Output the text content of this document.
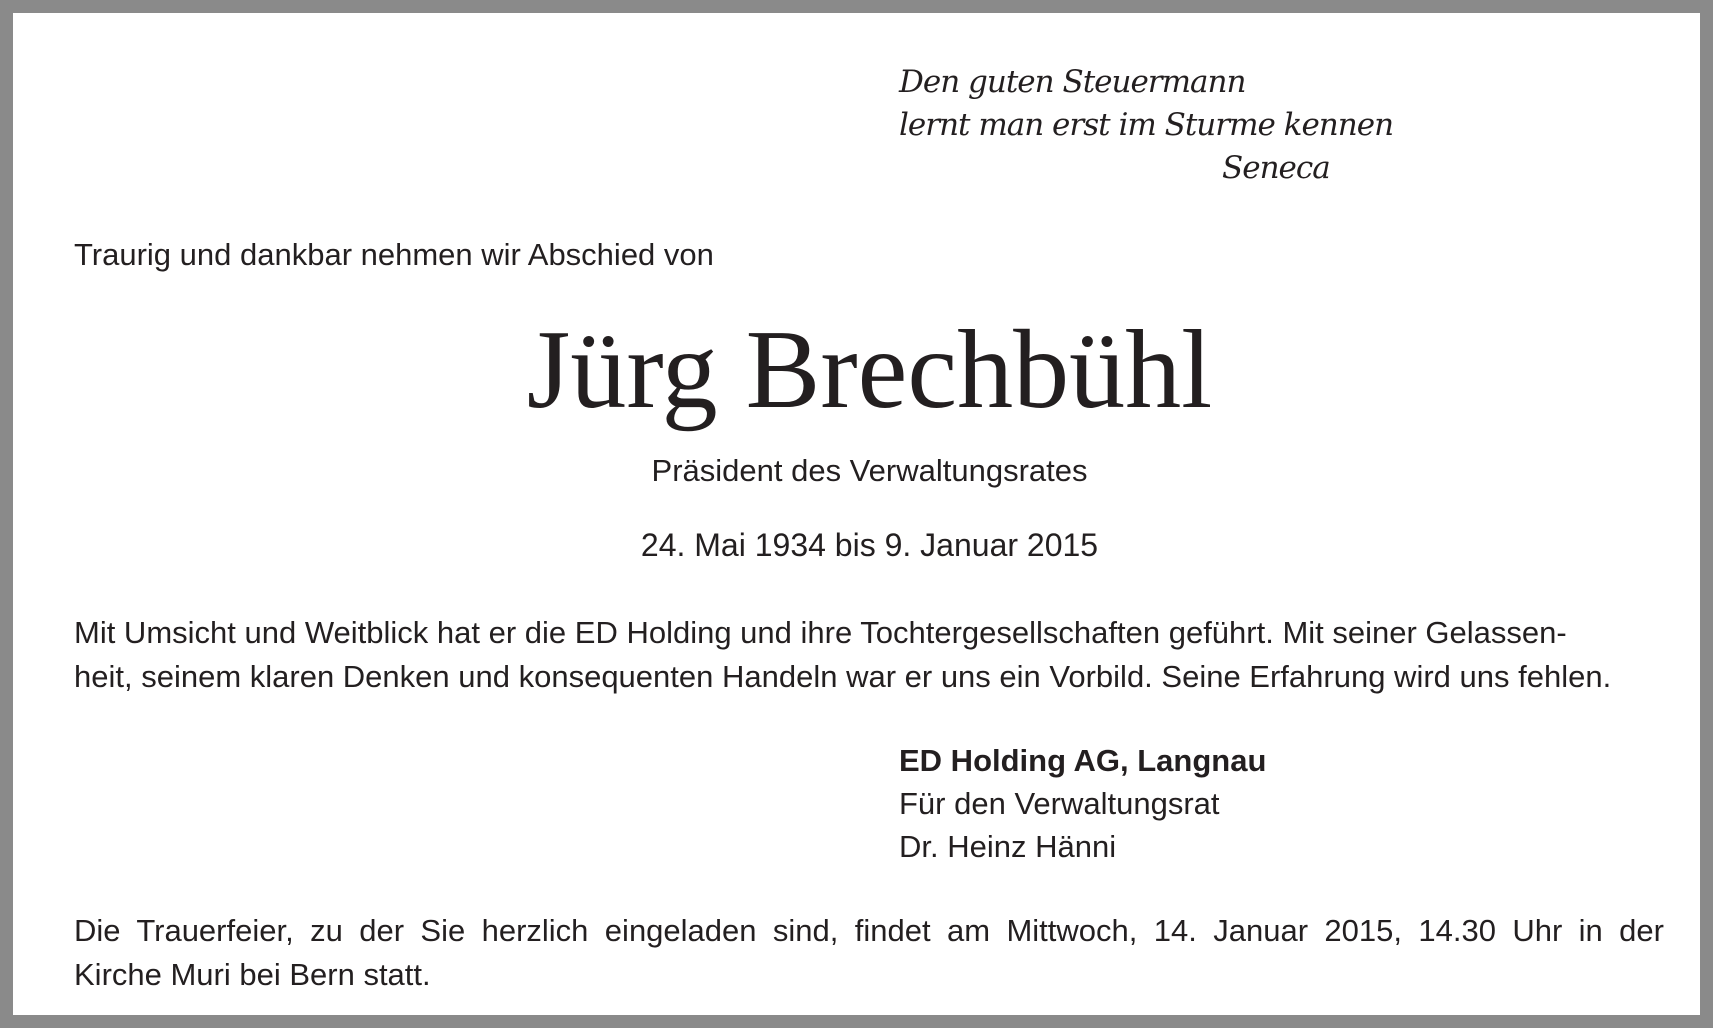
Den guten Steuermann
lernt man erst im Sturme kennen
Seneca
Traurig und dankbar nehmen wir Abschied von
Jürg Brechbühl
Präsident des Verwaltungsrates
24. Mai 1934 bis 9. Januar 2015
Mit Umsicht und Weitblick hat er die ED Holding und ihre Tochtergesellschaften geführt. Mit seiner Gelassen-
heit, seinem klaren Denken und konsequenten Handeln war er uns ein Vorbild. Seine Erfahrung wird uns fehlen.
ED Holding AG, Langnau
Für den Verwaltungsrat
Dr. Heinz Hänni
Die Trauerfeier, zu der Sie herzlich eingeladen sind, findet am Mittwoch, 14. Januar 2015, 14.30 Uhr in der
Kirche Muri bei Bern statt.
